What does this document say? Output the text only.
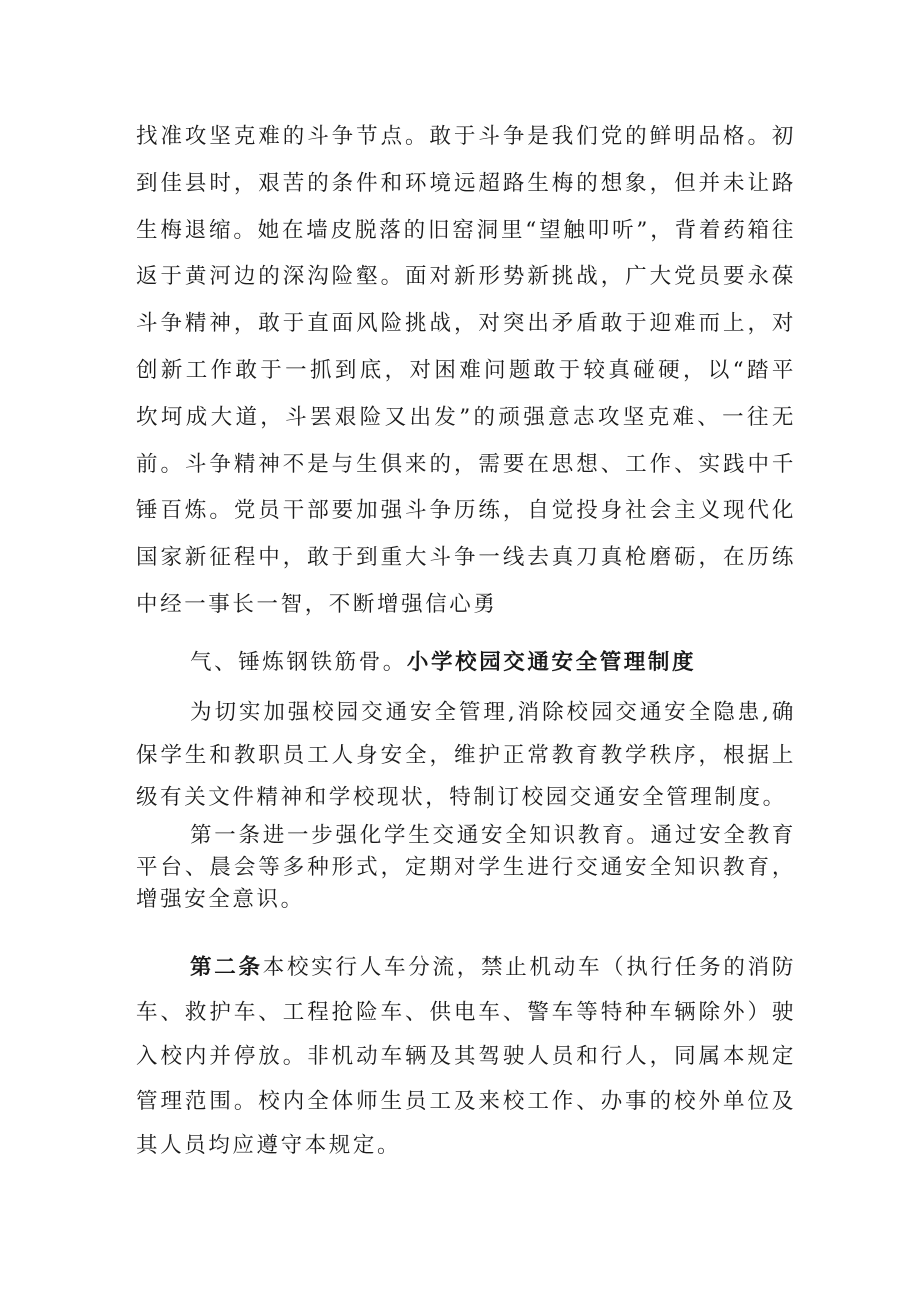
找准攻坚克难的斗争节点。敢于斗争是我们党的鲜明品格。初到佳县时，艰苦的条件和环境远超路生梅的想象，但并未让路生梅退缩。她在墙皮脱落的旧窑洞里“望触叩听”，背着药箱往返于黄河边的深沟险壑。面对新形势新挑战，广大党员要永葆斗争精神，敢于直面风险挑战，对突出矛盾敢于迎难而上，对创新工作敢于一抓到底，对困难问题敢于较真碰硬，以“踏平坎坷成大道，斗罢艰险又出发”的顽强意志攻坚克难、一往无前。斗争精神不是与生俱来的，需要在思想、工作、实践中千锤百炼。党员干部要加强斗争历练，自觉投身社会主义现代化国家新征程中，敢于到重大斗争一线去真刀真枪磨砺，在历练中经一事长一智，不断增强信心勇

气、锤炼钢铁筋骨。小学校园交通安全管理制度

为切实加强校园交通安全管理,消除校园交通安全隐患,确保学生和教职员工人身安全，维护正常教育教学秩序，根据上级有关文件精神和学校现状，特制订校园交通安全管理制度。

第一条进一步强化学生交通安全知识教育。通过安全教育平台、晨会等多种形式，定期对学生进行交通安全知识教育，增强安全意识。

第二条本校实行人车分流，禁止机动车（执行任务的消防车、救护车、工程抢险车、供电车、警车等特种车辆除外）驶入校内并停放。非机动车辆及其驾驶人员和行人，同属本规定管理范围。校内全体师生员工及来校工作、办事的校外单位及其人员均应遵守本规定。
